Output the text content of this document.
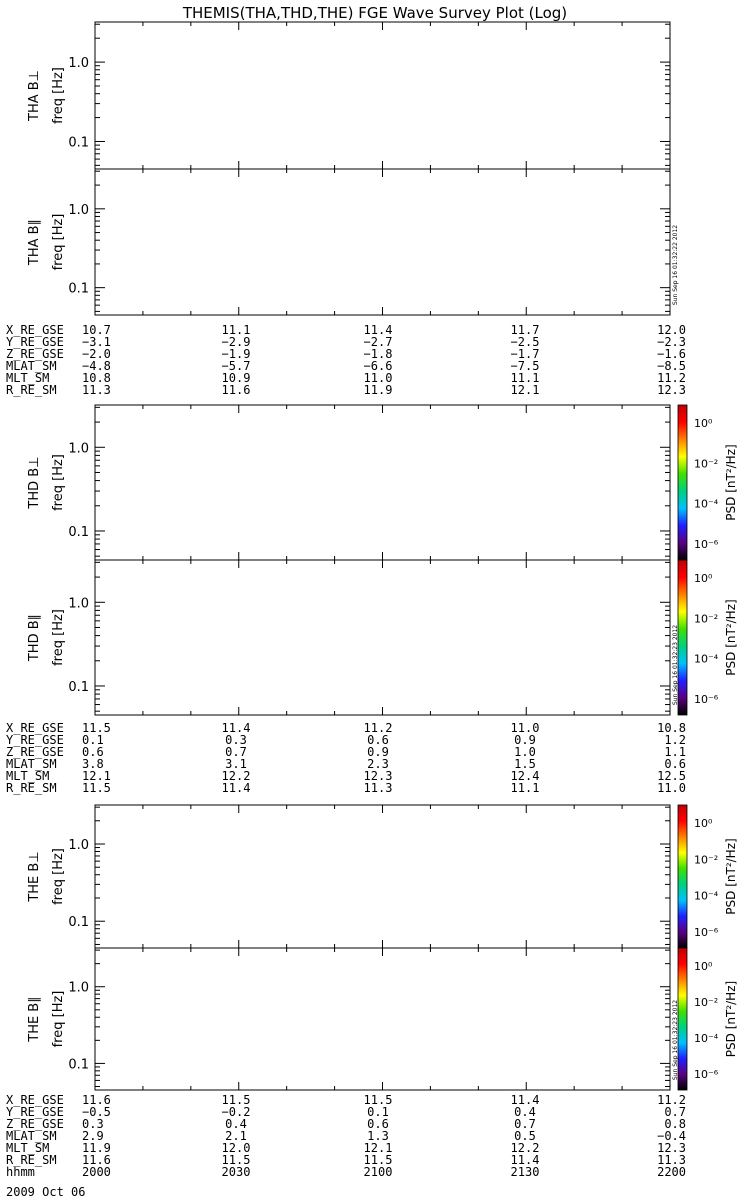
THEMIS(THA,THD,THE) FGE Wave Survey Plot (Log)
1.0
0.1
THA B⊥ freq [Hz]
1.0
0.1
THA B∥ freq [Hz]
1.0
0.1
THD B⊥ freq [Hz]
1.0
0.1
THD B∥ freq [Hz]
1.0
0.1
THE B⊥ freq [Hz]
1.0
0.1
THE B∥ freq [Hz]
10⁰
10⁻²
10⁻⁴
10⁻⁶
PSD [nT²/Hz]
10⁰
10⁻²
10⁻⁴
10⁻⁶
PSD [nT²/Hz]
10⁰
10⁻²
10⁻⁴
10⁻⁶
PSD [nT²/Hz]
10⁰
10⁻²
10⁻⁴
10⁻⁶
PSD [nT²/Hz]
Sun Sep 16 01:32:22 2012
Sun Sep 16 01:32:23 2012
Sun Sep 16 01:32:23 2012
X_RE_GSE 10.7	11.1	11.4	11.7	12.0
Y_RE_GSE −3.1	−2.9	−2.7	−2.5	−2.3
Z_RE_GSE −2.0	−1.9	−1.8	−1.7	−1.6
MLAT_SM −4.8	−5.7	−6.6	−7.5	−8.5
MLT_SM	10.8	10.9	11.0	11.1	11.2
R_RE_SM 11.3	11.6	11.9	12.1	12.3
X_RE_GSE 11.5	11.4	11.2	11.0	10.8
Y_RE_GSE 0.1	0.3	0.6	0.9	1.2
Z_RE_GSE 0.6	0.7	0.9	1.0	1.1
MLAT_SM 3.8	3.1	2.3	1.5	0.6
MLT_SM	12.1	12.2	12.3	12.4	12.5
R_RE_SM 11.5	11.4	11.3	11.1	11.0
X_RE_GSE 11.6	11.5	11.5	11.4	11.2
Y_RE_GSE −0.5	−0.2	0.1	0.4	0.7
Z_RE_GSE 0.3	0.4	0.6	0.7	0.8
MLAT_SM 2.9	2.1	1.3	0.5	−0.4
MLT_SM	11.9	12.0	12.1	12.2	12.3
R_RE_SM 11.6	11.5	11.5	11.4	11.3
hhmm	2000	2030	2100	2130	2200
2009 Oct 06
